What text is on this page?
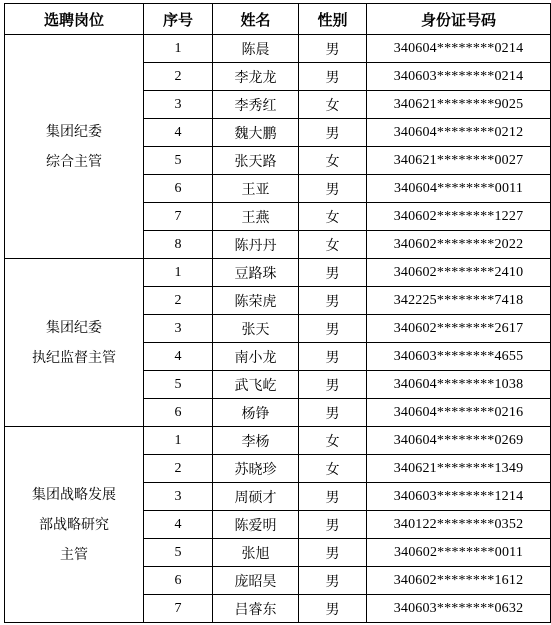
选聘岗位	序号	姓名	性别	身份证号码

集团纪委
综合主管	1	陈晨	男	340604********0214
	2	李龙龙	男	340603********0214
	3	李秀红	女	340621********9025
	4	魏大鹏	男	340604********0212
	5	张天路	女	340621********0027
	6	王亚	男	340604********0011
	7	王燕	女	340602********1227
	8	陈丹丹	女	340602********2022

集团纪委
执纪监督主管	1	豆路珠	男	340602********2410
	2	陈荣虎	男	342225********7418
	3	张天	男	340602********2617
	4	南小龙	男	340603********4655
	5	武飞屹	男	340604********1038
	6	杨铮	男	340604********0216

集团战略发展
部战略研究
主管	1	李杨	女	340604********0269
	2	苏晓珍	女	340621********1349
	3	周硕才	男	340603********1214
	4	陈爱明	男	340122********0352
	5	张旭	男	340602********0011
	6	庞昭昊	男	340602********1612
	7	吕睿东	男	340603********0632
